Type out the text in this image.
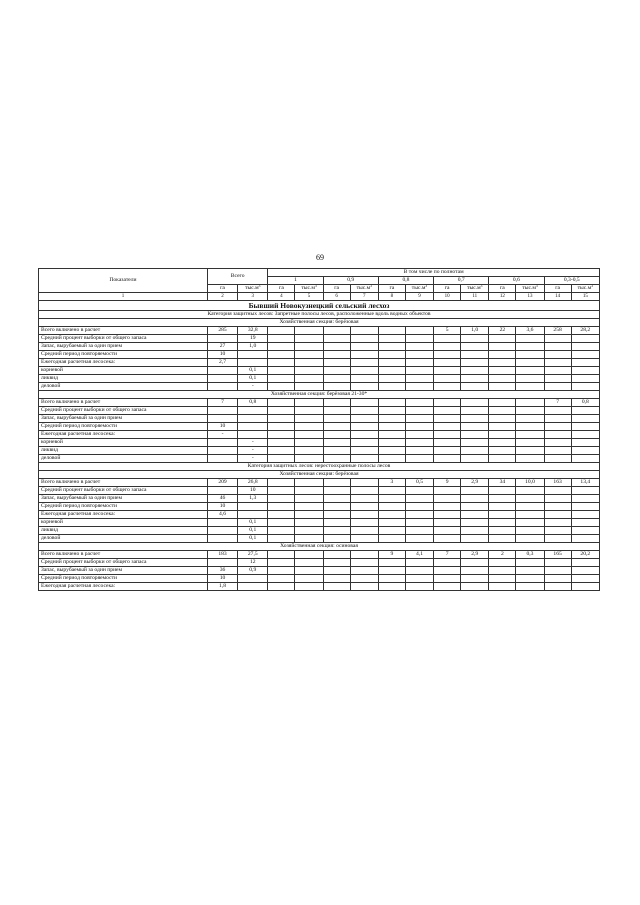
69
Показатели	Всего		В том числе по полнотам											
			1		0,9		0,8		0,7		0,6		0,3-0,5	
	га	$тыс.м^3$	га	$тыс.м^3$	га	$тыс.м^3$	га	$тыс.м^3$	га	$тыс.м^3$	га	$тыс.м^3$	га	$тыс.м^3$
1	2	3	4	5	6	7	8	9	10	11	12	13	14	15
Бывший Новокузнецкий сельский лесхоз														
Категория защитных лесов: Запретные полосы лесов, расположенные вдоль водных объектов														
Хозяйственная секция: берёзовая														
Всего включено в расчет	285	32,8							5	1,0	22	3,6	258	28,2
Средний процент выборки от общего запаса		19												
Запас, вырубаемый за один прием	27	1,0												
Средний период повторяемости	10													
Ежегодная расчетная лесосека:	2,7													
корневой		0,1												
ликвид		0,1												
деловой		-												
Хозяйственная секция: берёзовая 21-30*														
Всего включено в расчет	7	0,8											7	0,8
Средний процент выборки от общего запаса														
Запас, вырубаемый за один прием														
Средний период повторяемости	10													
Ежегодная расчетная лесосека:	-													
корневой		-												
ликвид		-												
деловой		-												
Категория защитных лесов: нерестоохранные полосы лесов														
Хозяйственная секция: берёзовая														
Всего включено в расчет	209	26,8					3	0,5	9	2,9	34	10,0	163	13,4
Средний процент выборки от общего запаса		10												
Запас, вырубаемый за один прием	46	1,3												
Средний период повторяемости	10													
Ежегодная расчетная лесосека:	4,6													
корневой		0,1												
ликвид		0,1												
деловой		0,1												
Хозяйственная секция: осиновая														
Всего включено в расчет	183	27,5					9	4,1	7	2,9	2	0,3	165	20,2
Средний процент выборки от общего запаса		12												
Запас, вырубаемый за один прием	36	0,9												
Средний период повторяемости	10													
Ежегодная расчетная лесосека:	1,8													
